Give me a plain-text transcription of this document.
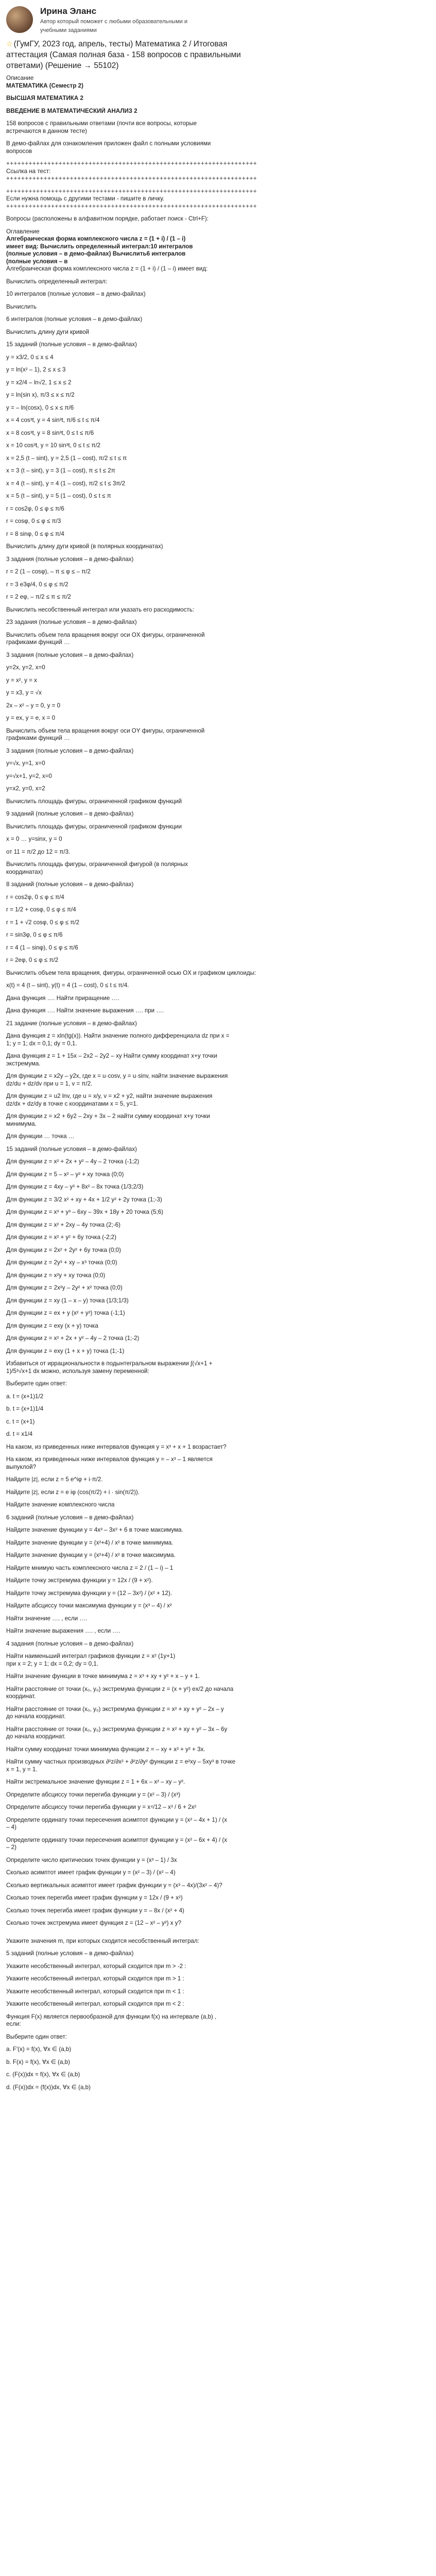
Ирина Эланс
Автор который поможет с любыми образовательными и
учебными заданиями
☆ (ГумГУ, 2023 год, апрель, тесты) Математика 2 / Итоговая
аттестация (Самая полная база - 158 вопросов с правильными
ответами) (Решение → 55102)
Описание
МАТЕМАТИКА (Семестр 2)
ВЫСШАЯ МАТЕМАТИКА 2
ВВЕДЕНИЕ В МАТЕМАТИЧЕСКИЙ АНАЛИЗ 2
158 вопросов с правильными ответами (почти все вопросы, которые
встречаются в данном тесте)
В демо-файлах для ознакомления приложен файл с полными условиями
вопросов
+++++++++++++++++++++++++++++++++++++++++++++++++++++++++++++++++++
Ссылка на тест:
+++++++++++++++++++++++++++++++++++++++++++++++++++++++++++++++++++
+++++++++++++++++++++++++++++++++++++++++++++++++++++++++++++++++++
Если нужна помощь с другими тестами - пишите в личку.
+++++++++++++++++++++++++++++++++++++++++++++++++++++++++++++++++++
Вопросы (расположены в алфавитном порядке, работает поиск - Ctrl+F):
Оглавление
Алгебраическая форма комплексного числа z = (1 + i) / (1 – i)
имеет вид: Вычислить определенный интеграл:10 интегралов
(полные условия – в демо-файлах) Вычислить6 интегралов
(полные условия – в
Алгебраическая форма комплексного числа z = (1 + i) / (1 – i) имеет вид:
Вычислить определенный интеграл:
10 интегралов (полные условия – в демо-файлах)
Вычислить
6 интегралов (полные условия – в демо-файлах)
Вычислить длину дуги кривой
15 заданий (полные условия – в демо-файлах)
y = x3/2, 0 ≤ x ≤ 4
y = ln(x² – 1), 2 ≤ x ≤ 3
y = x2/4 – ln√2, 1 ≤ x ≤ 2
y = ln(sin x), π/3 ≤ x ≤ π/2
y = – ln(cosx), 0 ≤ x ≤ π/6
x = 4 cos³t, y = 4 sin³t, π/6 ≤ t ≤ π/4
x = 8 cos³t, y = 8 sin³t, 0 ≤ t ≤ π/6
x = 10 cos³t, y = 10 sin³t, 0 ≤ t ≤ π/2
x = 2,5 (t – sint), y = 2,5 (1 – cost), π/2 ≤ t ≤ π
x = 3 (t – sint), y = 3 (1 – cost), π ≤ t ≤ 2π
x = 4 (t – sint), y = 4 (1 – cost), π/2 ≤ t ≤ 3π/2
x = 5 (t – sint), y = 5 (1 – cost), 0 ≤ t ≤ π
r = cos2φ, 0 ≤ φ ≤ π/6
r = cosφ, 0 ≤ φ ≤ π/3
r = 8 sinφ, 0 ≤ φ ≤ π/4
Вычислить длину дуги кривой (в полярных координатах)
3 задания (полные условия – в демо-файлах)
r = 2 (1 – cosφ), – π ≤ φ ≤ – π/2
r = 3 e3φ/4, 0 ≤ φ ≤ π/2
r = 2 eφ, – π/2 ≤ π ≤ π/2
Вычислить несобственный интеграл или указать его расходимость:
23 задания (полные условия – в демо-файлах)
Вычислить объем тела вращения вокруг оси OX фигуры, ограниченной
графиками функций …
3 задания (полные условия – в демо-файлах)
y=2x, y=2, x=0
y = x², y = x
y = x3, y = √x
2x – x² – y = 0, y = 0
y = ex, y = e, x = 0
Вычислить объем тела вращения вокруг оси OY фигуры, ограниченной
графиками функций …
3 задания (полные условия – в демо-файлах)
y=√x, y=1, x=0
y=√x+1, y=2, x=0
y=x2, y=0, x=2
Вычислить площадь фигуры, ограниченной графиком функций
9 заданий (полные условия – в демо-файлах)
Вычислить площадь фигуры, ограниченной графиком функции
x = 0 … y=sinx, y = 0
от 11 = π/2 до 12 = π/3.
Вычислить площадь фигуры, ограниченной фигурой (в полярных
координатах)
8 заданий (полные условия – в демо-файлах)
r = cos2φ, 0 ≤ φ ≤ π/4
r = 1/2 + cosφ, 0 ≤ φ ≤ π/4
r = 1 + √2 cosφ, 0 ≤ φ ≤ π/2
r = sin3φ, 0 ≤ φ ≤ π/6
r = 4 (1 – sinφ), 0 ≤ φ ≤ π/6
r = 2eφ, 0 ≤ φ ≤ π/2
Вычислить объем тела вращения, фигуры, ограниченной осью OX и графиком циклоиды:
x(t) = 4 (t – sint), y(t) = 4 (1 – cost), 0 ≤ t ≤ π/4.
Дана функция …. Найти приращение ….
Дана функция …. Найти значение выражения …. при ….
21 задание (полные условия – в демо-файлах)
Дана функция z = xln(tg(x)). Найти значение полного дифференциала dz при x =
1; y = 1; dx = 0,1; dy = 0,1.
Дана функция z = 1 + 15x – 2x2 – 2y2 – xy Найти сумму координат x+y точки
экстремума.
Для функции z = x2y – y2x, где x = u·cosv, y = u·sinv, найти значение выражения
dz/du + dz/dv при u = 1, v = π/2.
Для функции z = u2 lnv, где u = x/y, v = x2 + y2, найти значение выражения
dz/dx + dz/dy в точке с координатами x = 5, y=1.
Для функции z = x2 + 6y2 – 2xy + 3x – 2 найти сумму координат x+y точки
минимума.
Для функции … точка …
15 заданий (полные условия – в демо-файлах)
Для функции z = x² + 2x + y² – 4y – 2 точка (-1;2)
Для функции z = 5 – x² – y² + xy точка (0;0)
Для функции z = 4xy – y² + 8x² – 8x точка (1/3;2/3)
Для функции z = 3/2 x² + xy + 4x + 1/2 y² + 2y точка (1;-3)
Для функции z = x³ + y³ – 6xy – 39x + 18y + 20 точка (5;6)
Для функции z = x² + 2xy – 4y точка (2;-6)
Для функции z = x² + y² + 6y точка (-2;2)
Для функции z = 2x² + 2y² + 6y точка (0;0)
Для функции z = 2y³ + xy – x³ точка (0;0)
Для функции z = x²y + xy точка (0;0)
Для функции z = 2x²y – 2y² + x² точка (0;0)
Для функции z = xy (1 – x – y) точка (1/3;1/3)
Для функции z = ex + y (x² + y²) точка (-1;1)
Для функции z = exy (x + y) точка
Для функции z = x² + 2x + y² – 4y – 2 точка (1;-2)
Для функции z = exy (1 + x + y) точка (1;-1)
Избавиться от иррациональности в подынтегральном выражении ∫(√x+1 +
1)/5³√x+1 dx можно, используя замену переменной:
Выберите один ответ:
a. t = (x+1)1/2
b. t = (x+1)1/4
c. t = (x+1)
d. t = x1/4
На каком, из приведенных ниже интервалов функция y = x³ + x + 1 возрастает?
На каком, из приведенных ниже интервалов функция y = – x³ – 1 является
выпуклой?
Найдите |z|, если z = 5 e^iφ + i·π/2.
Найдите |z|, если z = e iφ (cos(π/2) + i · sin(π/2)).
Найдите значение комплексного числа
6 заданий (полные условия – в демо-файлах)
Найдите значение функции y = 4x³ – 3x² + 6 в точке максимума.
Найдите значение функции y = (x²+4) / x² в точке минимума.
Найдите значение функции y = (x²+4) / x² в точке максимума.
Найдите мнимую часть комплексного числа z = 2 / (1 – i) – 1
Найдите точку экстремума функции y = 12x / (9 + x²).
Найдите точку экстремума функции y = (12 – 3x²) / (x² + 12).
Найдите абсциссу точки максимума функции y = (x³ – 4) / x²
Найти значение …. , если ….
Найти значение выражения …. , если ….
4 задания (полные условия – в демо-файлах)
Найти наименьший интеграл графиков функции z = x² (1y+1)
при x = 2; y = 1; dx = 0,2; dy = 0,1.
Найти значение функции в точке минимума z = x³ + xy + y² + x – y + 1.
Найти расстояние от точки (x₀, y₀) экстремума функции z = (x + y²) ex/2 до начала
координат.
Найти расстояние от точки (x₀, y₀) экстремума функции z = x² + xy + y² – 2x – y
до начала координат.
Найти расстояние от точки (x₀, y₀) экстремума функции z = x² + xy + y² – 3x – 6y
до начала координат.
Найти сумму координат точки минимума функции z = – xy + x² + y² + 3x.
Найти сумму частных производных ∂²z/∂x² + ∂²z/∂y² функции z = e²xy – 5xy³ в точке
x = 1, y = 1.
Найти экстремальное значение функции z = 1 + 6x – x² – xy – y².
Определите абсциссу точки перегиба функции y = (x² – 3) / (x³)
Определите абсциссу точки перегиба функции y = x⁴/12 – x³ / 6 + 2x²
Определите ординату точки пересечения асимптот функции y = (x² – 4x + 1) / (x
– 4)
Определите ординату точки пересечения асимптот функции y = (x² – 6x + 4) / (x
– 2)
Определите число критических точек функции y = (x³ – 1) / 3x
Сколько асимптот имеет график функции y = (x² – 3) / (x² – 4)
Сколько вертикальных асимптот имеет график функции y = (x³ – 4x)/(3x² – 4)?
Сколько точек перегиба имеет график функции y = 12x / (9 + x²)
Сколько точек перегиба имеет график функции y = – 8x / (x² + 4)
Сколько точек экстремума имеет функция z = (12 – x² – y²) x y?
Укажите значения m, при которых сходится несобственный интеграл:
5 заданий (полные условия – в демо-файлах)
Укажите несобственный интеграл, который сходится при m > -2 :
Укажите несобственный интеграл, который сходится при m > 1 :
Укажите несобственный интеграл, который сходится при m < 1 :
Укажите несобственный интеграл, который сходится при m < 2 :
Функция F(x) является первообразной для функции f(x) на интервале (a,b) ,
если:
Выберите один ответ:
a. F'(x) = f(x), ∀x ∈ (a,b)
b. F(x) = f(x), ∀x ∈ (a,b)
c. (F(x))dx = f(x), ∀x ∈ (a,b)
d. (F(x))dx = (f(x))dx, ∀x ∈ (a,b)
